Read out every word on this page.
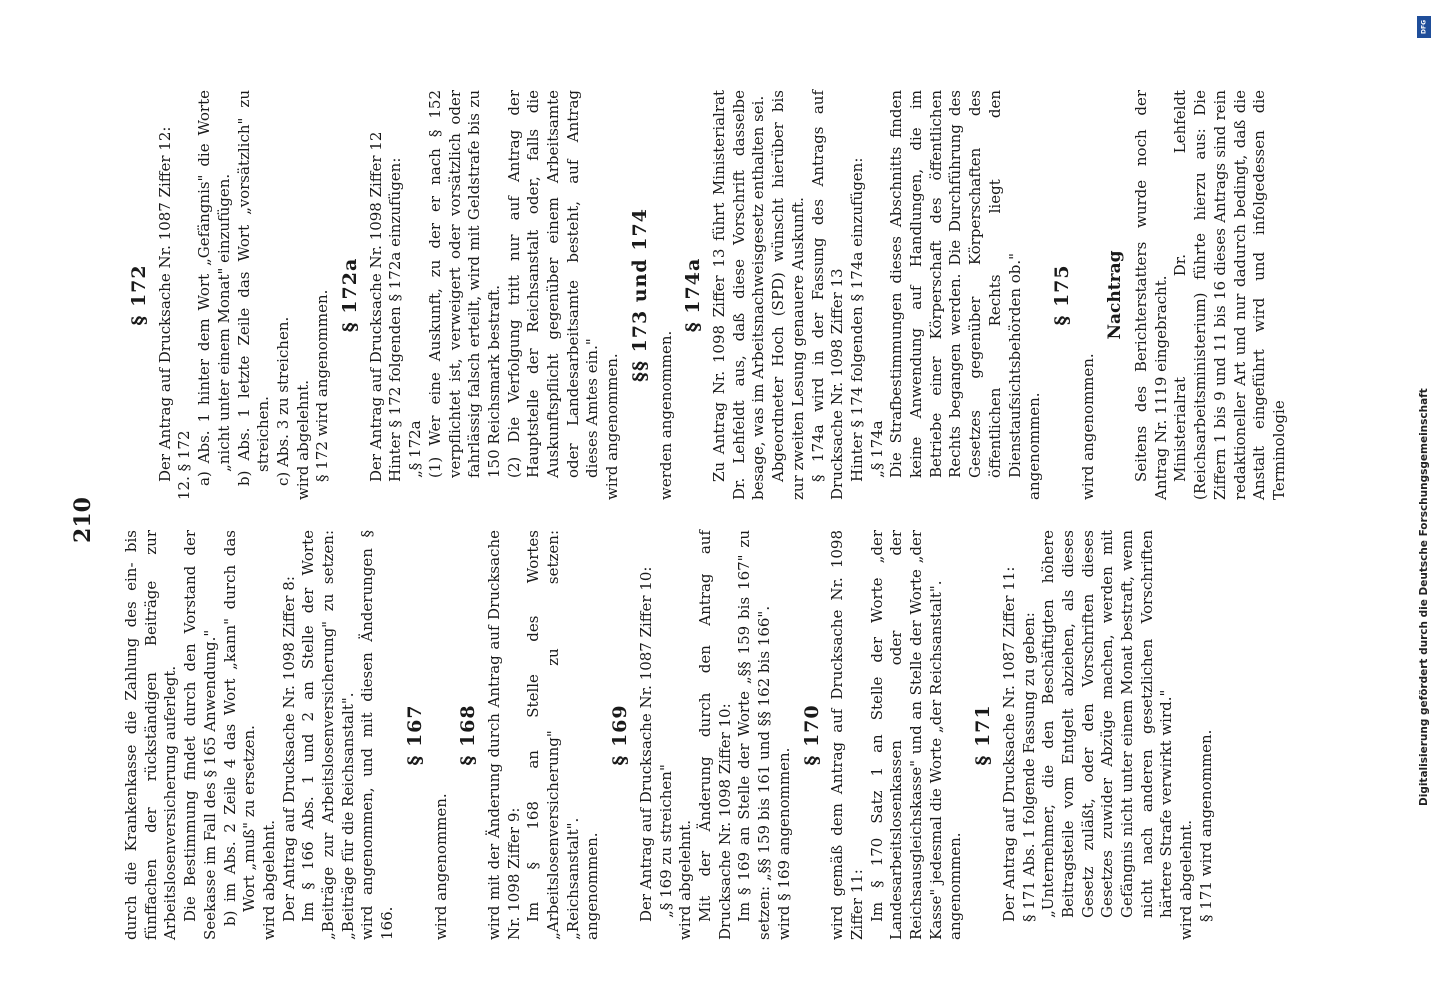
210

durch die Krankenkasse die Zahlung des ein- bis fünffachen der rückständigen Beiträge zur Arbeitslosenversicherung auferlegt. Die Bestimmung findet durch den Vorstand der Seekasse im Fall des § 165 Anwendung." b) im Abs. 2 Zeile 4 das Wort „kann" durch das Wort „muß" zu ersetzen. wird abgelehnt. Der Antrag auf Drucksache Nr. 1098 Ziffer 8: Im § 166 Abs. 1 und 2 an Stelle der Worte „Beiträge zur Arbeitslosenversicherung" zu setzen: „Beiträge für die Reichsanstalt". wird angenommen, und mit diesen Änderungen § 166.

§ 167

wird angenommen.

§ 168 wird mit der Änderung durch Antrag auf Drucksache Nr. 1098 Ziffer 9: Im § 168 an Stelle des Wortes „Arbeitslosenversicherung" zu setzen: „Reichsanstalt". angenommen.

§ 169 Der Antrag auf Drucksache Nr. 1087 Ziffer 10: „§ 169 zu streichen" wird abgelehnt. Mit der Änderung durch den Antrag auf Drucksache Nr. 1098 Ziffer 10: Im § 169 an Stelle der Worte „§§ 159 bis 167" zu setzen: „§§ 159 bis 161 und §§ 162 bis 166". wird § 169 angenommen.

§ 170 wird gemäß dem Antrag auf Drucksache Nr. 1098 Ziffer 11: Im § 170 Satz 1 an Stelle der Worte „der Landesarbeitslosenkassen oder der Reichsausgleichskasse" und an Stelle der Worte „der Kasse" jedesmal die Worte „der Reichsanstalt". angenommen.

§ 171 Der Antrag auf Drucksache Nr. 1087 Ziffer 11: § 171 Abs. 1 folgende Fassung zu geben: „Unternehmer, die den Beschäftigten höhere Beitragsteile vom Entgelt abziehen, als dieses Gesetz zuläßt, oder den Vorschriften dieses Gesetzes zuwider Abzüge machen, werden mit Gefängnis nicht unter einem Monat bestraft, wenn nicht nach anderen gesetzlichen Vorschriften härtere Strafe verwirkt wird." wird abgelehnt. § 171 wird angenommen.

§ 172 Der Antrag auf Drucksache Nr. 1087 Ziffer 12: 12. § 172 a) Abs. 1 hinter dem Wort „Gefängnis" die Worte „nicht unter einem Monat" einzufügen. b) Abs. 1 letzte Zeile das Wort „vorsätzlich" zu streichen. c) Abs. 3 zu streichen. wird abgelehnt. § 172 wird angenommen. § 172a Der Antrag auf Drucksache Nr. 1098 Ziffer 12 Hinter § 172 folgenden § 172a einzufügen: „§ 172a (1) Wer eine Auskunft, zu der er nach § 152 verpflichtet ist, verweigert oder vorsätzlich oder fahrlässig falsch erteilt, wird mit Geldstrafe bis zu 150 Reichsmark bestraft. (2) Die Verfolgung tritt nur auf Antrag der Hauptstelle der Reichsanstalt oder, falls die Auskunftspflicht gegenüber einem Arbeitsamte oder Landesarbeitsamte besteht, auf Antrag dieses Amtes ein." wird angenommen.

§§ 173 und 174

werden angenommen.

§ 174a Zu Antrag Nr. 1098 Ziffer 13 führt Ministerialrat Dr. Lehfeldt aus, daß diese Vorschrift dasselbe besage, was im Arbeitsnachweisgesetz enthalten sei. Abgeordneter Hoch (SPD) wünscht hierüber bis zur zweiten Lesung genauere Auskunft. § 174a wird in der Fassung des Antrags auf Drucksache Nr. 1098 Ziffer 13 Hinter § 174 folgenden § 174a einzufügen: „§ 174a Die Strafbestimmungen dieses Abschnitts finden keine Anwendung auf Handlungen, die im Betriebe einer Körperschaft des öffentlichen Rechts begangen werden. Die Durchführung des Gesetzes gegenüber Körperschaften des öffentlichen Rechts liegt den Dienstaufsichtsbehörden ob." angenommen.

§ 175

wird angenommen.

Nachtrag Seitens des Berichterstatters wurde noch der Antrag Nr. 1119 eingebracht. Ministerialrat Dr. Lehfeldt (Reichsarbeitsministerium) führte hierzu aus: Die Ziffern 1 bis 9 und 11 bis 16 dieses Antrags sind rein redaktioneller Art und nur dadurch bedingt, daß die Anstalt eingeführt wird und infolgedessen die Terminologie

DFG
Digitalisierung gefördert durch die Deutsche Forschungsgemeinschaft
